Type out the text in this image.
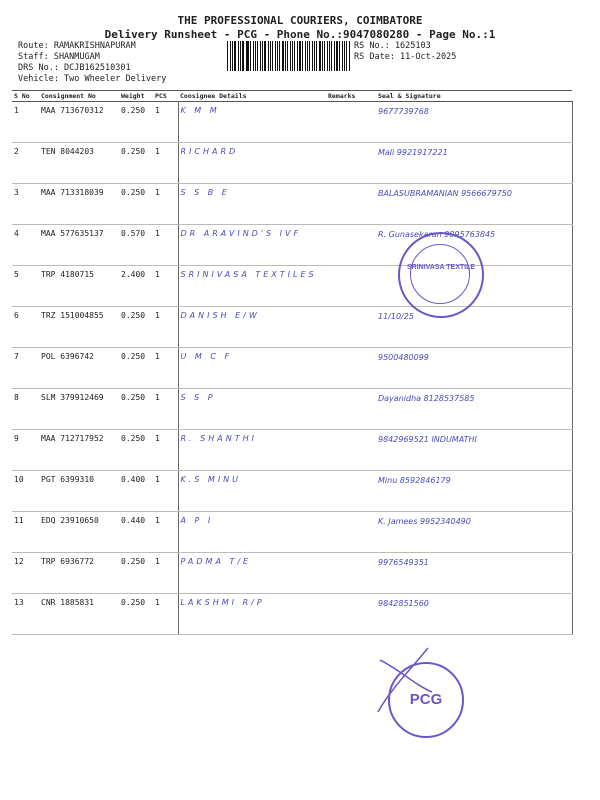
THE PROFESSIONAL COURIERS, COIMBATORE
Delivery Runsheet - PCG - Phone No.:9047080280 - Page No.:1
Route: RAMAKRISHNAPURAM
Staff: SHANMUGAM
DRS No.: DCJB162510301
Vehicle: Two Wheeler Delivery
RS No.: 1625103
RS Date: 11-Oct-2025
S No	Consignment No	Weight	PCS	Consignee Details	Remarks	Seal & Signature
1	MAA 713670312	0.250	1	K M M		9677739768
2	TEN 8044203	0.250	1	RICHARD		Mali 9921917221
3	MAA 713318039	0.250	1	S S B E		BALASUBRAMANIAN 9566679750
4	MAA 577635137	0.570	1	DR ARAVIND'S IVF		R. Gunasekaran 9895763845
5	TRP 4180715	2.400	1	SRINIVASA TEXTILES		
6	TRZ 151004855	0.250	1	DANISH E/W		11/10/25
7	POL 6396742	0.250	1	U M C F		9500480099
8	SLM 379912469	0.250	1	S S P		Dayanidha 8128537585
9	MAA 712717952	0.250	1	R. SHANTHI		9842969521 INDUMATHI
10	PGT 6399310	0.400	1	K.S MINU		Minu 8592846179
11	EDQ 23910650	0.440	1	A P I		K. Jamees 9952340490
12	TRP 6936772	0.250	1	PADMA T/E		9976549351
13	CNR 1885831	0.250	1	LAKSHMI R/P		9842851560
SRINIVASA TEXTILE
PCG
